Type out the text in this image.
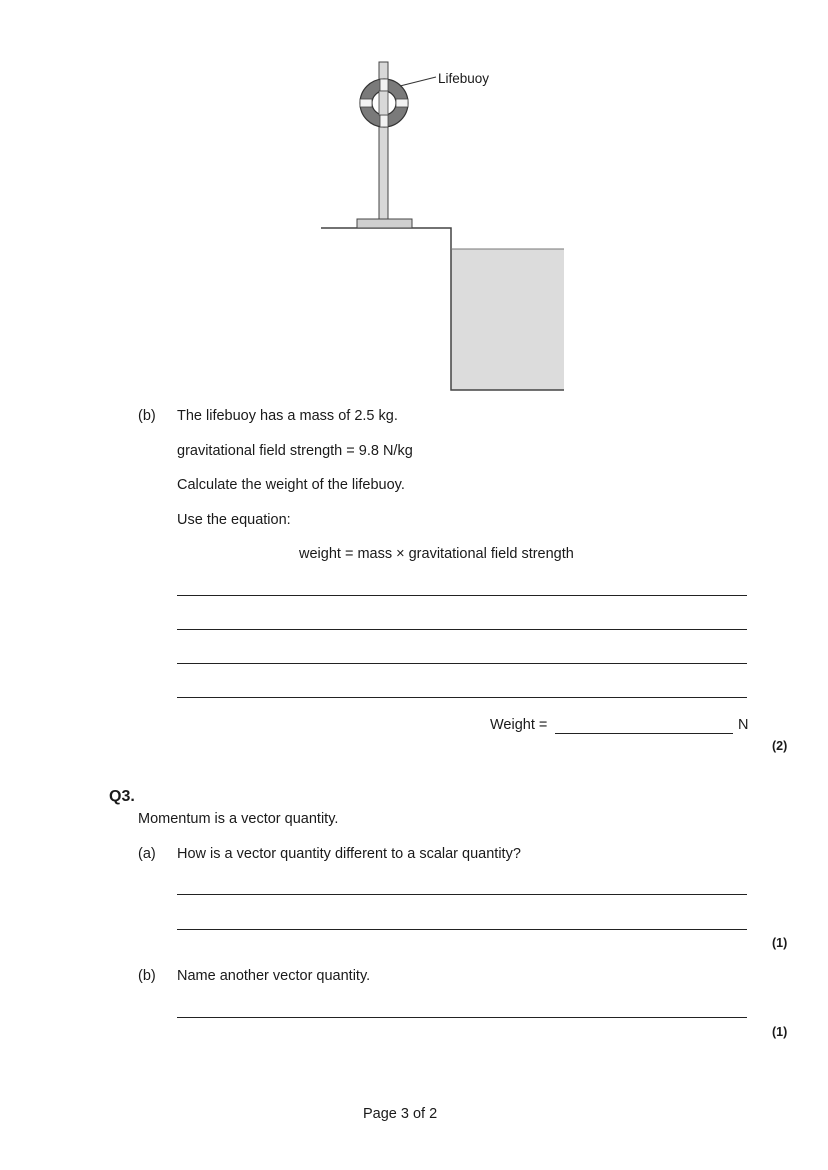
Lifebuoy
(b) The lifebuoy has a mass of 2.5 kg.
gravitational field strength = 9.8 N/kg
Calculate the weight of the lifebuoy.
Use the equation:
weight = mass × gravitational field strength
Weight =	N
(2)
Q3.
Momentum is a vector quantity.
(a) How is a vector quantity different to a scalar quantity?
(1)
(b) Name another vector quantity.
(1)
Page 3 of 2
